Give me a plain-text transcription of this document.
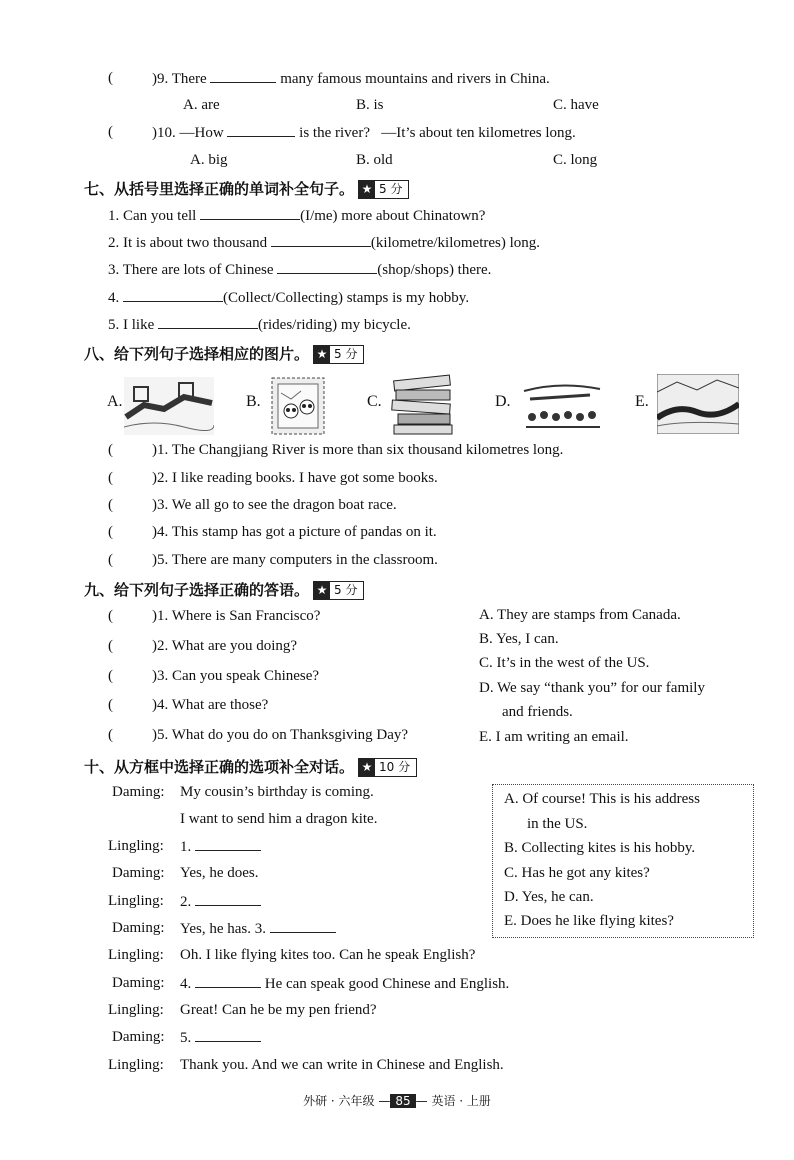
(	)9. There	many famous mountains and rivers in China.
A. are	B. is	C. have
(	)10. —How	is the river? —It’s about ten kilometres long.
A. big	B. old	C. long
七、从括号里选择正确的单词补全句子。 ★ 5 分
1. Can you tell	(I/me) more about Chinatown?
2. It is about two thousand	(kilometre/kilometres) long.
3. There are lots of Chinese	(shop/shops) there.
4.	(Collect/Collecting) stamps is my hobby.
5. I like	(rides/riding) my bicycle.
八、给下列句子选择相应的图片。 ★ 5 分
A.	B.	C.	D.	E.
(	)1. The Changjiang River is more than six thousand kilometres long.
(	)2. I like reading books. I have got some books.
(	)3. We all go to see the dragon boat race.
(	)4. This stamp has got a picture of pandas on it.
(	)5. There are many computers in the classroom.
九、给下列句子选择正确的答语。 ★ 5 分
(	)1. Where is San Francisco?
(	)2. What are you doing?
(	)3. Can you speak Chinese?
(	)4. What are those?
(	)5. What do you do on Thanksgiving Day?
A. They are stamps from Canada.
B. Yes, I can.
C. It’s in the west of the US.
D. We say “thank you” for our family
and friends.
E. I am writing an email.
十、从方框中选择正确的选项补全对话。 ★ 10 分
Daming: My cousin’s birthday is coming.
I want to send him a dragon kite.
Lingling: 1.
Daming: Yes, he does.
Lingling: 2.
Daming: Yes, he has. 3.
Lingling: Oh. I like flying kites too. Can he speak English?
Daming: 4.	He can speak good Chinese and English.
Lingling: Great! Can he be my pen friend?
Daming: 5.
Lingling: Thank you. And we can write in Chinese and English.
A. Of course! This is his address
in the US.
B. Collecting kites is his hobby.
C. Has he got any kites?
D. Yes, he can.
E. Does he like flying kites?
外研 · 六年级 — 85 — 英语 · 上册
